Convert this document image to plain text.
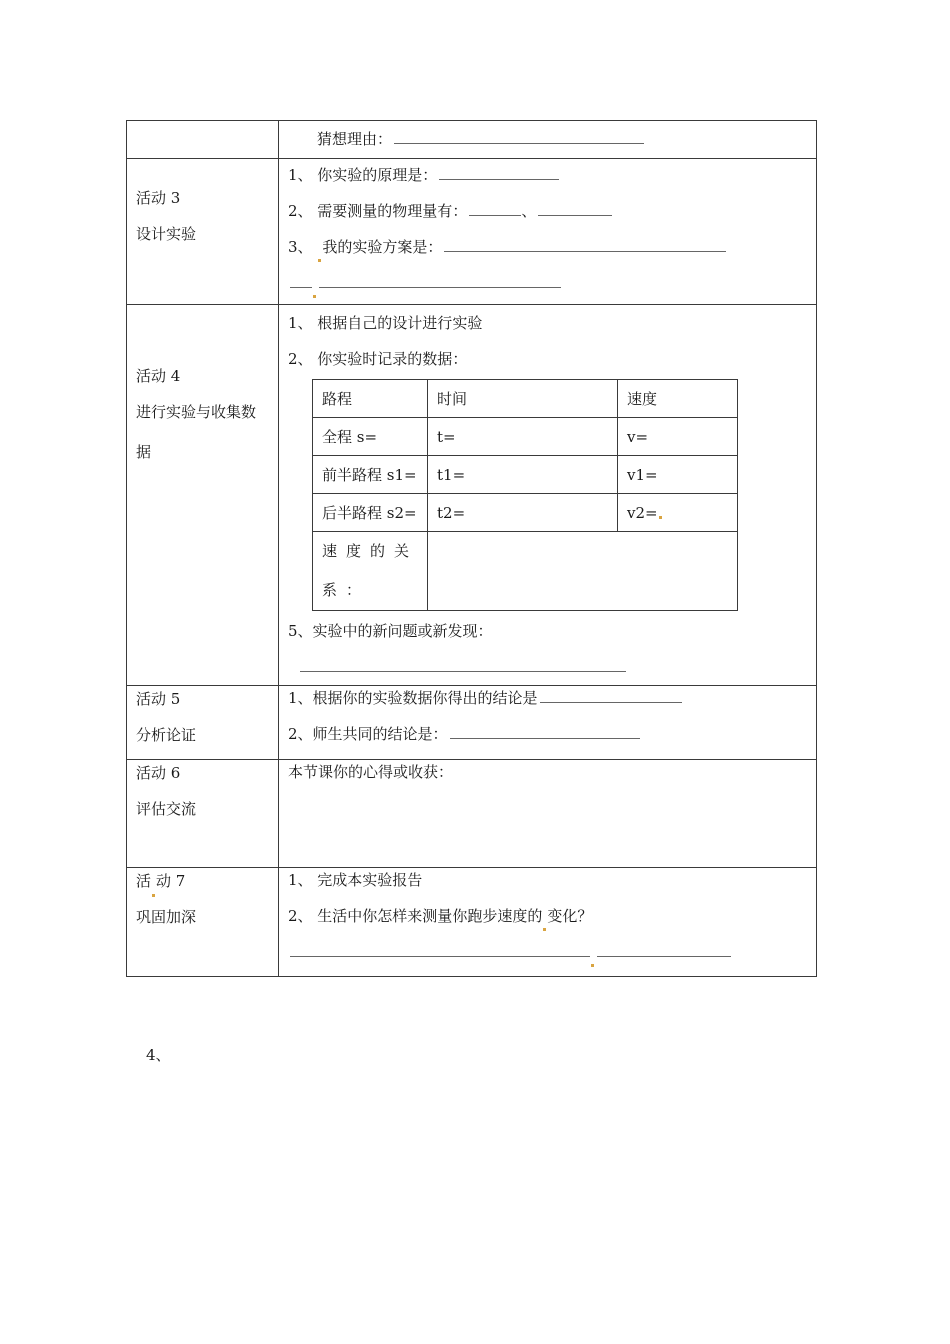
猜想理由：

活动 3
设计实验

1、 你实验的原理是：
2、 需要测量的物理量有：	、
3、 我的实验方案是：

活动 4
进行实验与收集数
据

1、 根据自己的设计进行实验
2、 你实验时记录的数据：
路程	时间	速度
全程 s=	t=	v=
前半路程 s1=	t1=	v1=
后半路程 s2=	t2=	v2=
速度的关系：	
5、实验中的新问题或新发现：

活动 5
分析论证

1、根据你的实验数据你得出的结论是
2、师生共同的结论是：

活动 6
评估交流

本节课你的心得或收获：

活 动 7
巩固加深

1、 完成本实验报告
2、 生活中你怎样来测量你跑步速度的 变化？
4、
